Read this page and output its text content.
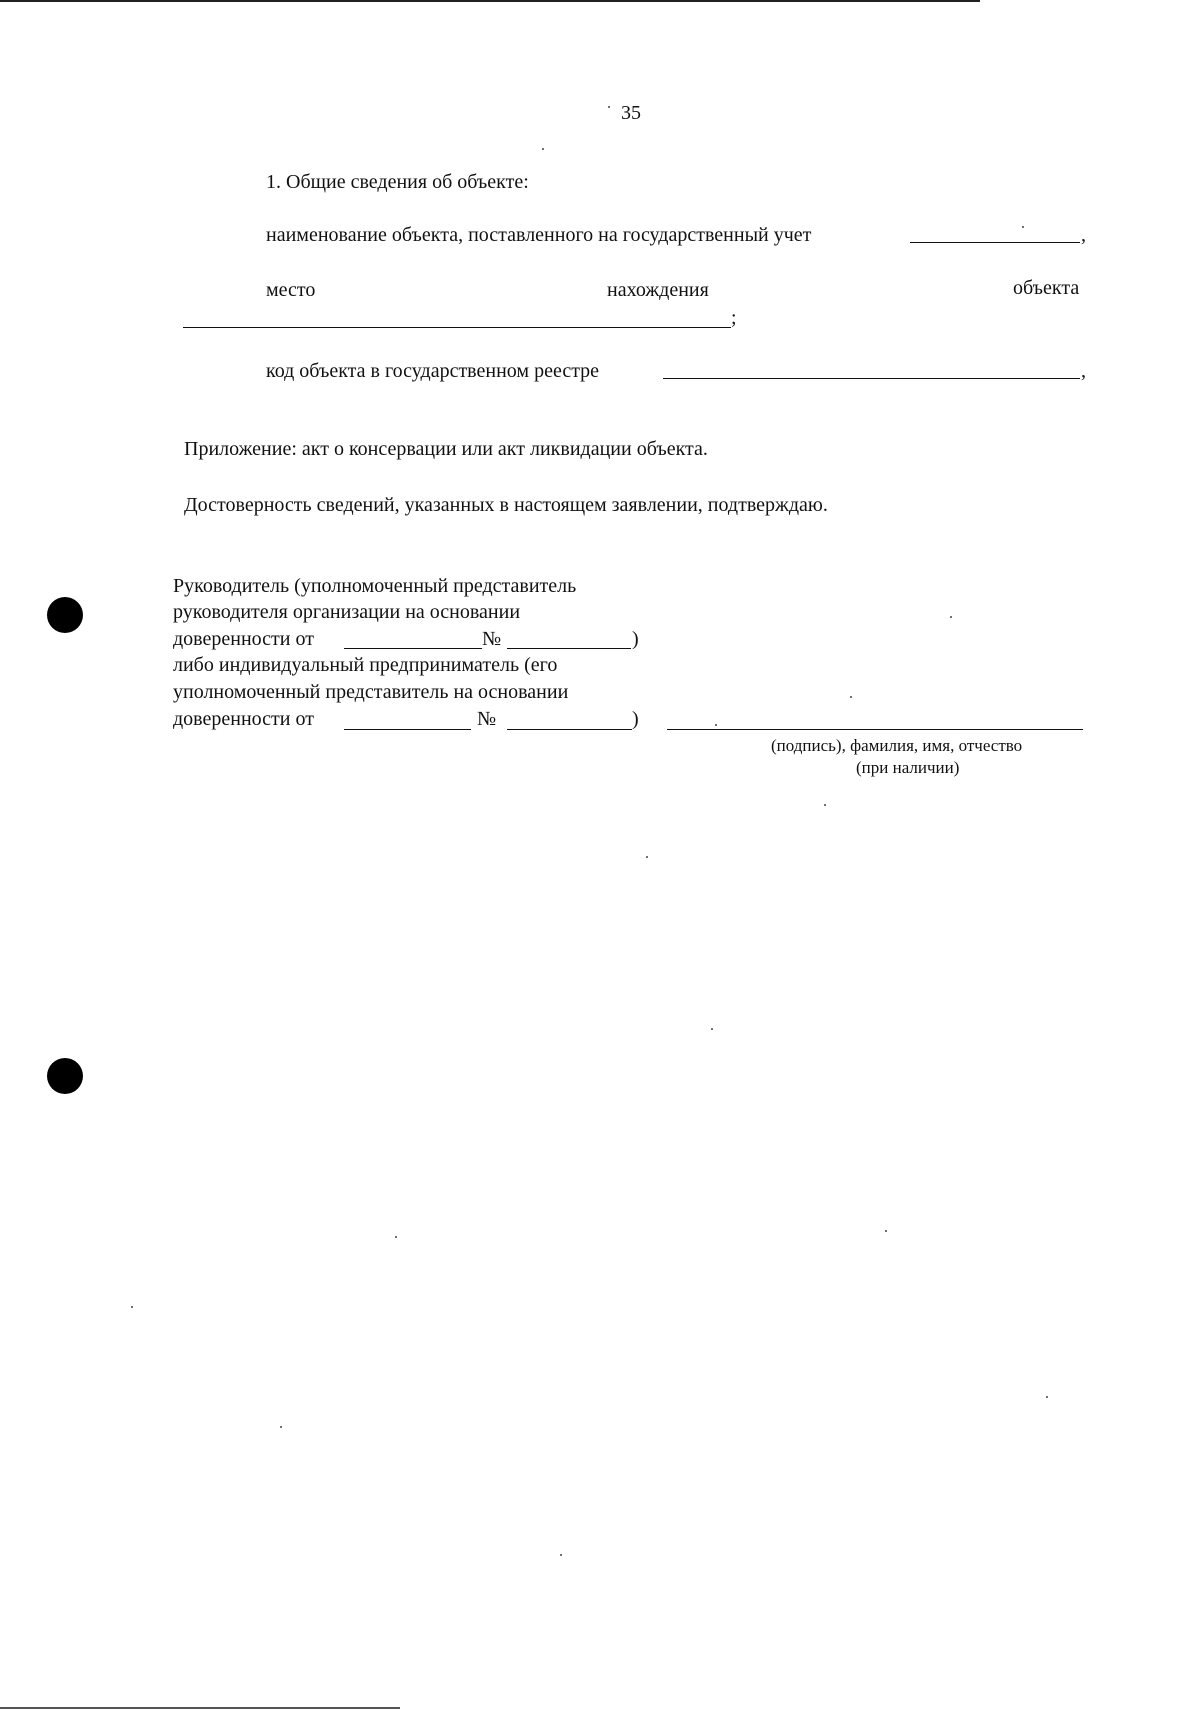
35
1. Общие сведения об объекте:
наименование объекта, поставленного на государственный учет	,
место	нахождения	объекта
;
код объекта в государственном реестре	,
Приложение: акт о консервации или акт ликвидации объекта.
Достоверность сведений, указанных в настоящем заявлении, подтверждаю.
Руководитель (уполномоченный представитель
руководителя организации на основании
доверенности от	№	)
либо индивидуальный предприниматель (его
уполномоченный представитель на основании
доверенности от	№	)
(подпись), фамилия, имя, отчество
(при наличии)
